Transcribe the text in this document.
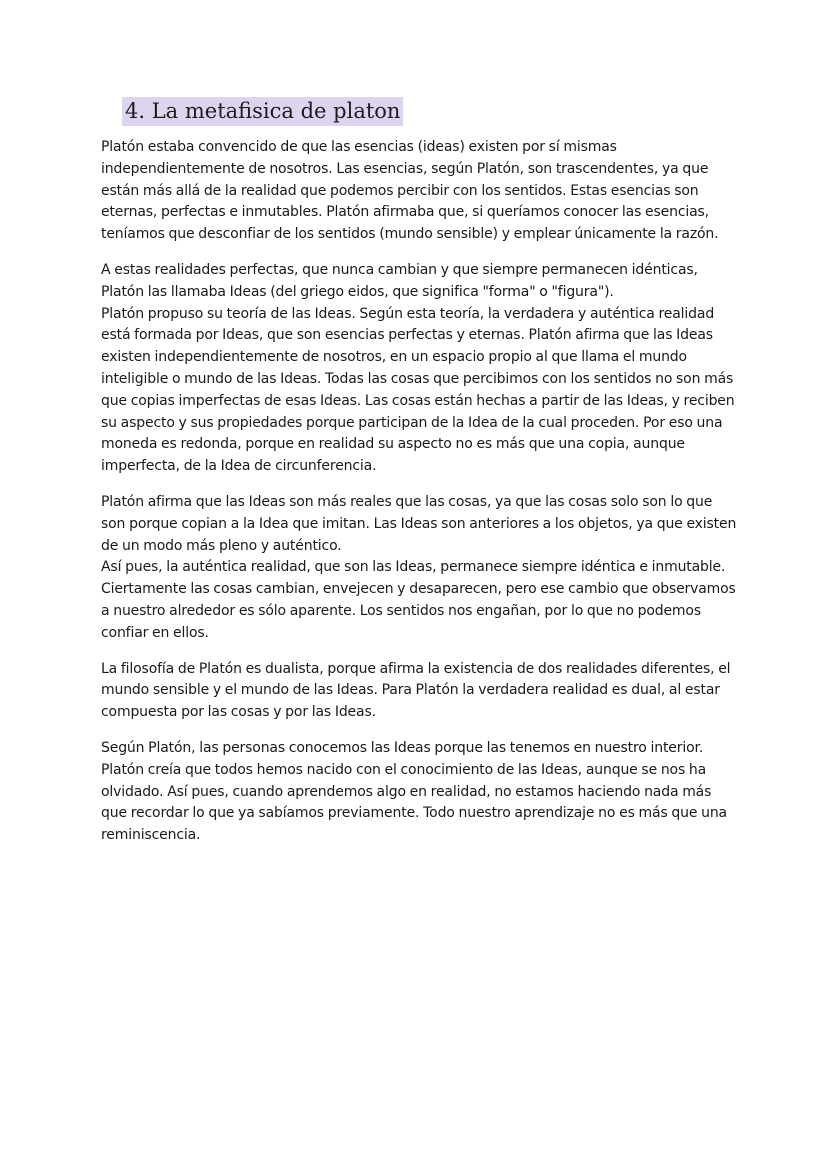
4. La metafisica de platon

Platón estaba convencido de que las esencias (ideas) existen por sí mismas
independientemente de nosotros. Las esencias, según Platón, son trascendentes, ya que
están más allá de la realidad que podemos percibir con los sentidos. Estas esencias son
eternas, perfectas e inmutables. Platón afirmaba que, si queríamos conocer las esencias,
teníamos que desconfiar de los sentidos (mundo sensible) y emplear únicamente la razón.

A estas realidades perfectas, que nunca cambian y que siempre permanecen idénticas,
Platón las llamaba Ideas (del griego eidos, que significa "forma" o "figura").
Platón propuso su teoría de las Ideas. Según esta teoría, la verdadera y auténtica realidad
está formada por Ideas, que son esencias perfectas y eternas. Platón afirma que las Ideas
existen independientemente de nosotros, en un espacio propio al que llama el mundo
inteligible o mundo de las Ideas. Todas las cosas que percibimos con los sentidos no son más
que copias imperfectas de esas Ideas. Las cosas están hechas a partir de las Ideas, y reciben
su aspecto y sus propiedades porque participan de la Idea de la cual proceden. Por eso una
moneda es redonda, porque en realidad su aspecto no es más que una copia, aunque
imperfecta, de la Idea de circunferencia.

Platón afirma que las Ideas son más reales que las cosas, ya que las cosas solo son lo que
son porque copian a la Idea que imitan. Las Ideas son anteriores a los objetos, ya que existen
de un modo más pleno y auténtico.
Así pues, la auténtica realidad, que son las Ideas, permanece siempre idéntica e inmutable.
Ciertamente las cosas cambian, envejecen y desaparecen, pero ese cambio que observamos
a nuestro alrededor es sólo aparente. Los sentidos nos engañan, por lo que no podemos
confiar en ellos.

La filosofía de Platón es dualista, porque afirma la existencia de dos realidades diferentes, el
mundo sensible y el mundo de las Ideas. Para Platón la verdadera realidad es dual, al estar
compuesta por las cosas y por las Ideas.

Según Platón, las personas conocemos las Ideas porque las tenemos en nuestro interior.
Platón creía que todos hemos nacido con el conocimiento de las Ideas, aunque se nos ha
olvidado. Así pues, cuando aprendemos algo en realidad, no estamos haciendo nada más
que recordar lo que ya sabíamos previamente. Todo nuestro aprendizaje no es más que una
reminiscencia.
